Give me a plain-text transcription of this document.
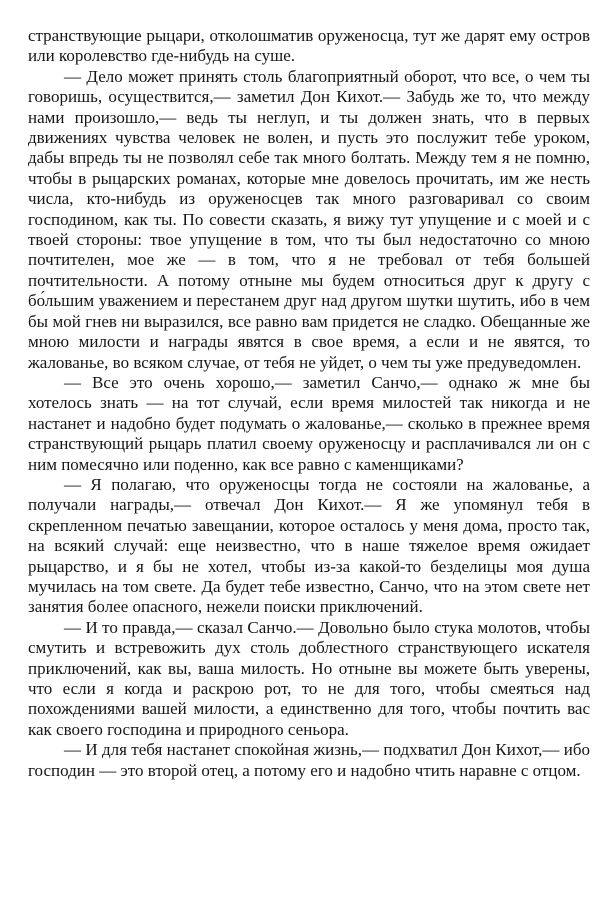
странствующие рыцари, отколошматив оруженосца, тут же дарят ему остров или королевство где-нибудь на суше.

— Дело может принять столь благоприятный оборот, что все, о чем ты говоришь, осуществится,— заметил Дон Кихот.— Забудь же то, что между нами произошло,— ведь ты неглуп, и ты должен знать, что в первых движениях чувства человек не волен, и пусть это послужит тебе уроком, дабы впредь ты не позволял себе так много болтать. Между тем я не помню, чтобы в рыцарских романах, которые мне довелось прочитать, им же несть числа, кто-нибудь из оруженосцев так много разговаривал со своим господином, как ты. По совести сказать, я вижу тут упущение и с моей и с твоей стороны: твое упущение в том, что ты был недостаточно со мною почтителен, мое же — в том, что я не требовал от тебя большей почтительности. А потому отныне мы будем относиться друг к другу с бо́льшим уважением и перестанем друг над другом шутки шутить, ибо в чем бы мой гнев ни выразился, все равно вам придется не сладко. Обещанные же мною милости и награды явятся в свое время, а если и не явятся, то жалованье, во всяком случае, от тебя не уйдет, о чем ты уже предуведомлен.

— Все это очень хорошо,— заметил Санчо,— однако ж мне бы хотелось знать — на тот случай, если время милостей так никогда и не настанет и надобно будет подумать о жалованье,— сколько в прежнее время странствующий рыцарь платил своему оруженосцу и расплачивался ли он с ним помесячно или поденно, как все равно с каменщиками?

— Я полагаю, что оруженосцы тогда не состояли на жалованье, а получали награды,— отвечал Дон Кихот.— Я же упомянул тебя в скрепленном печатью завещании, которое осталось у меня дома, просто так, на всякий случай: еще неизвестно, что в наше тяжелое время ожидает рыцарство, и я бы не хотел, чтобы из-за какой-то безделицы моя душа мучилась на том свете. Да будет тебе известно, Санчо, что на этом свете нет занятия более опасного, нежели поиски приключений.

— И то правда,— сказал Санчо.— Довольно было стука молотов, чтобы смутить и встревожить дух столь доблестного странствующего искателя приключений, как вы, ваша милость. Но отныне вы можете быть уверены, что если я когда и раскрою рот, то не для того, чтобы смеяться над похождениями вашей милости, а единственно для того, чтобы почтить вас как своего господина и природного сеньора.

— И для тебя настанет спокойная жизнь,— подхватил Дон Кихот,— ибо господин — это второй отец, а потому его и надобно чтить наравне с отцом.
